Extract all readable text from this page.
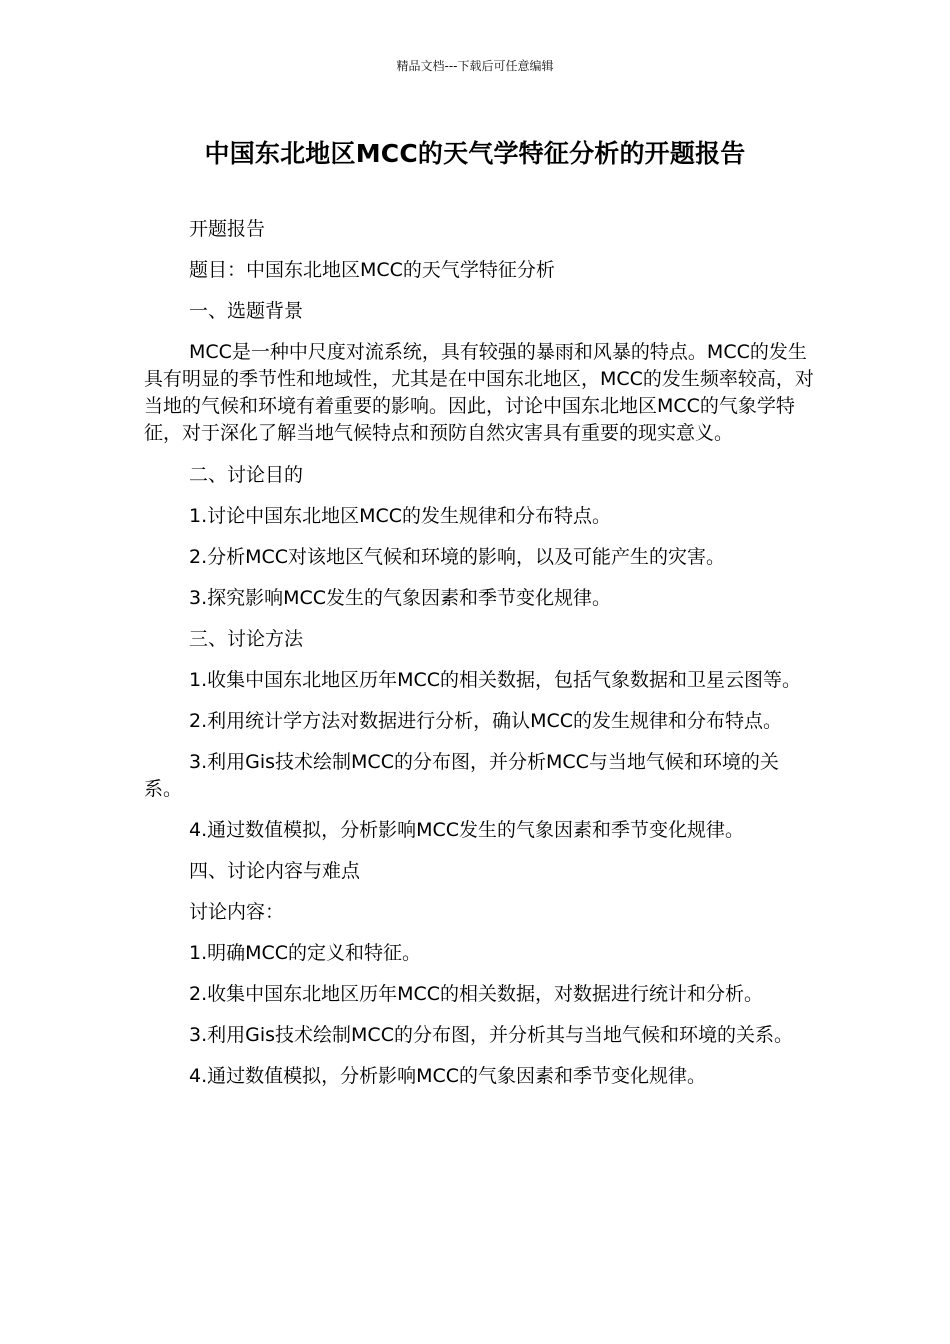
精品文档---下载后可任意编辑
中国东北地区MCC的天气学特征分析的开题报告

开题报告

题目：中国东北地区MCC的天气学特征分析

一、选题背景

MCC是一种中尺度对流系统，具有较强的暴雨和风暴的特点。MCC的发生具有明显的季节性和地域性，尤其是在中国东北地区，MCC的发生频率较高，对当地的气候和环境有着重要的影响。因此，讨论中国东北地区MCC的气象学特征，对于深化了解当地气候特点和预防自然灾害具有重要的现实意义。

二、讨论目的

1.讨论中国东北地区MCC的发生规律和分布特点。

2.分析MCC对该地区气候和环境的影响，以及可能产生的灾害。

3.探究影响MCC发生的气象因素和季节变化规律。

三、讨论方法

1.收集中国东北地区历年MCC的相关数据，包括气象数据和卫星云图等。

2.利用统计学方法对数据进行分析，确认MCC的发生规律和分布特点。

3.利用Gis技术绘制MCC的分布图，并分析MCC与当地气候和环境的关系。

4.通过数值模拟，分析影响MCC发生的气象因素和季节变化规律。

四、讨论内容与难点

讨论内容：

1.明确MCC的定义和特征。

2.收集中国东北地区历年MCC的相关数据，对数据进行统计和分析。

3.利用Gis技术绘制MCC的分布图，并分析其与当地气候和环境的关系。

4.通过数值模拟，分析影响MCC的气象因素和季节变化规律。
